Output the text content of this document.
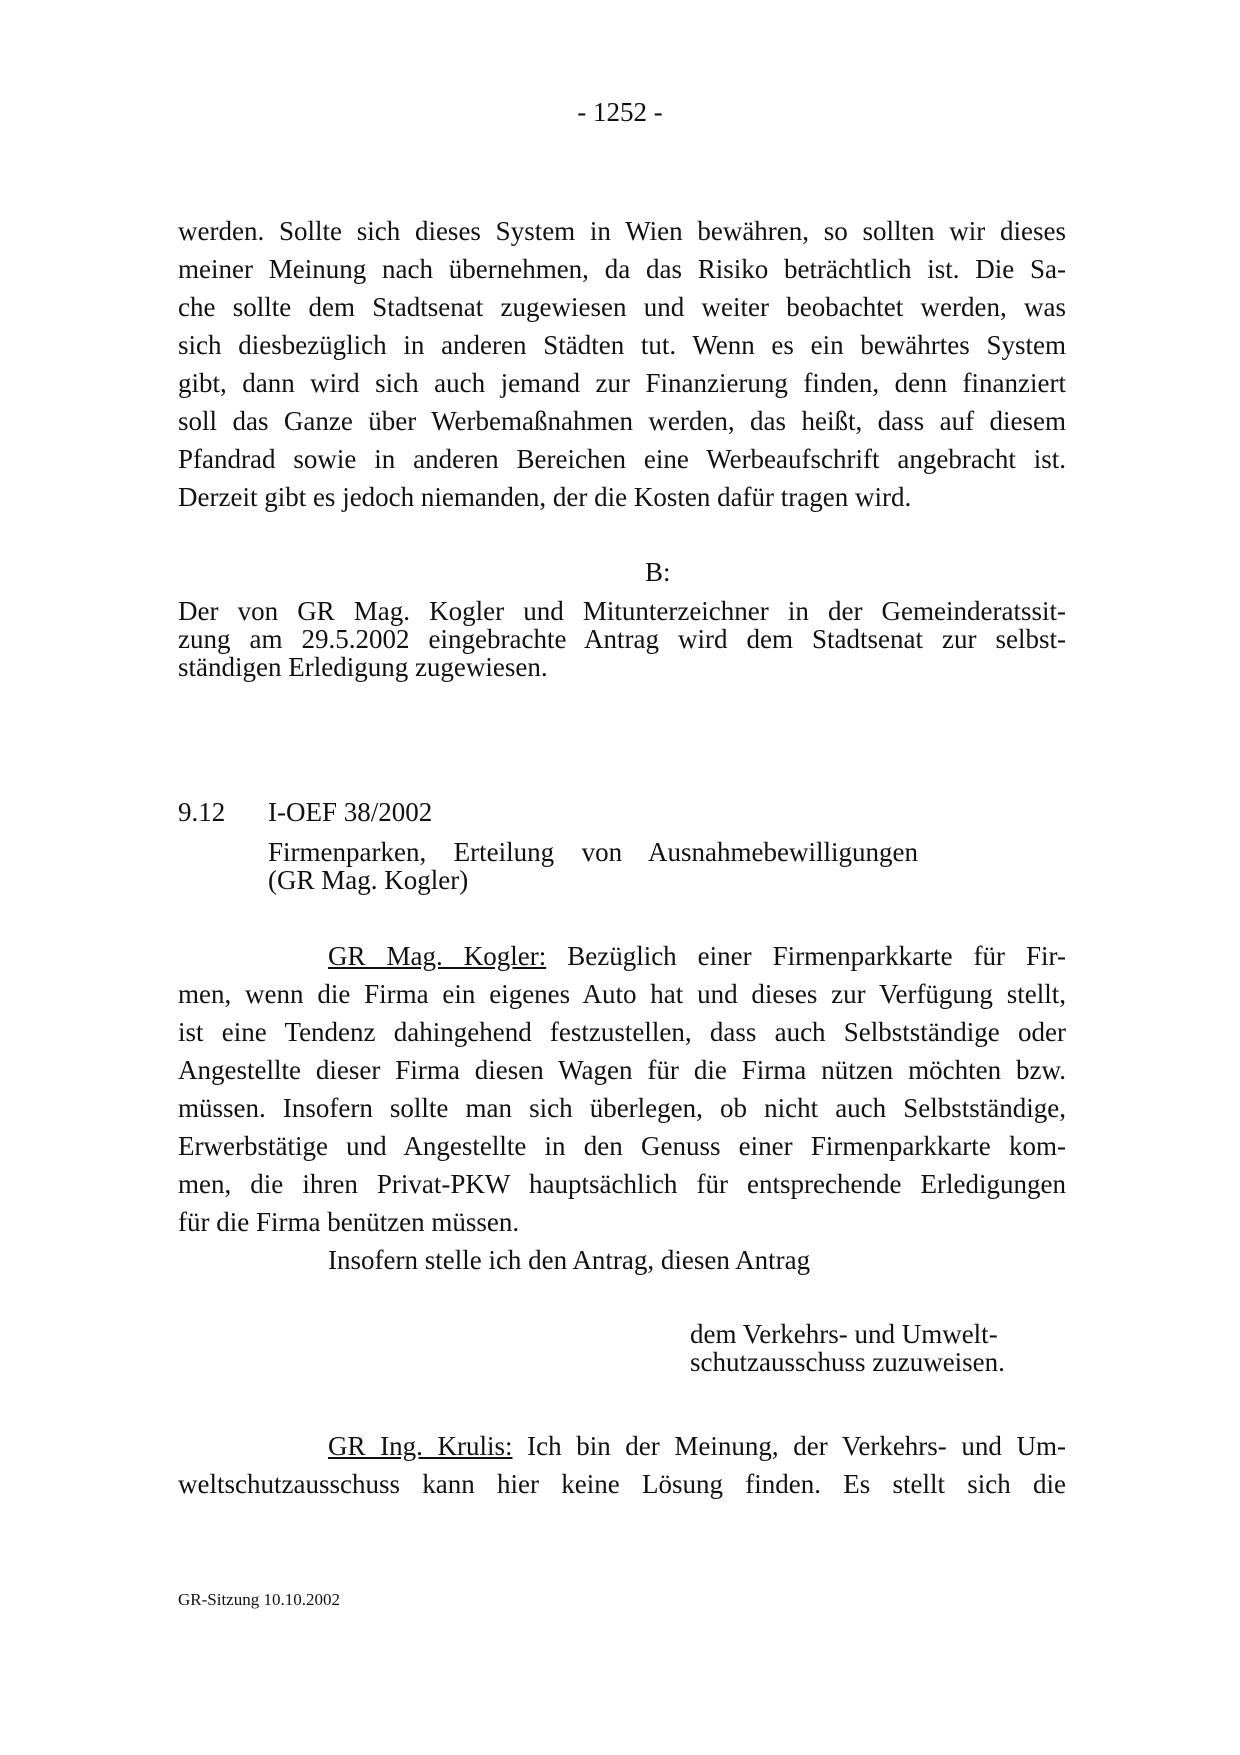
- 1252 -
werden. Sollte sich dieses System in Wien bewähren, so sollten wir dieses
meiner Meinung nach übernehmen, da das Risiko beträchtlich ist. Die Sa-
che sollte dem Stadtsenat zugewiesen und weiter beobachtet werden, was
sich diesbezüglich in anderen Städten tut. Wenn es ein bewährtes System
gibt, dann wird sich auch jemand zur Finanzierung finden, denn finanziert
soll das Ganze über Werbemaßnahmen werden, das heißt, dass auf diesem
Pfandrad sowie in anderen Bereichen eine Werbeaufschrift angebracht ist.
Derzeit gibt es jedoch niemanden, der die Kosten dafür tragen wird.
B:
Der von GR Mag. Kogler und Mitunterzeichner in der Gemeinderatssit-
zung am 29.5.2002 eingebrachte Antrag wird dem Stadtsenat zur selbst-
ständigen Erledigung zugewiesen.
9.12 I-OEF 38/2002
Firmenparken, Erteilung von Ausnahmebewilligungen
(GR Mag. Kogler)
GR Mag. Kogler: Bezüglich einer Firmenparkkarte für Fir-
men, wenn die Firma ein eigenes Auto hat und dieses zur Verfügung stellt,
ist eine Tendenz dahingehend festzustellen, dass auch Selbstständige oder
Angestellte dieser Firma diesen Wagen für die Firma nützen möchten bzw.
müssen. Insofern sollte man sich überlegen, ob nicht auch Selbstständige,
Erwerbstätige und Angestellte in den Genuss einer Firmenparkkarte kom-
men, die ihren Privat-PKW hauptsächlich für entsprechende Erledigungen
für die Firma benützen müssen.
Insofern stelle ich den Antrag, diesen Antrag
dem Verkehrs- und Umwelt-
schutzausschuss zuzuweisen.
GR Ing. Krulis: Ich bin der Meinung, der Verkehrs- und Um-
weltschutzausschuss kann hier keine Lösung finden. Es stellt sich die
GR-Sitzung 10.10.2002
